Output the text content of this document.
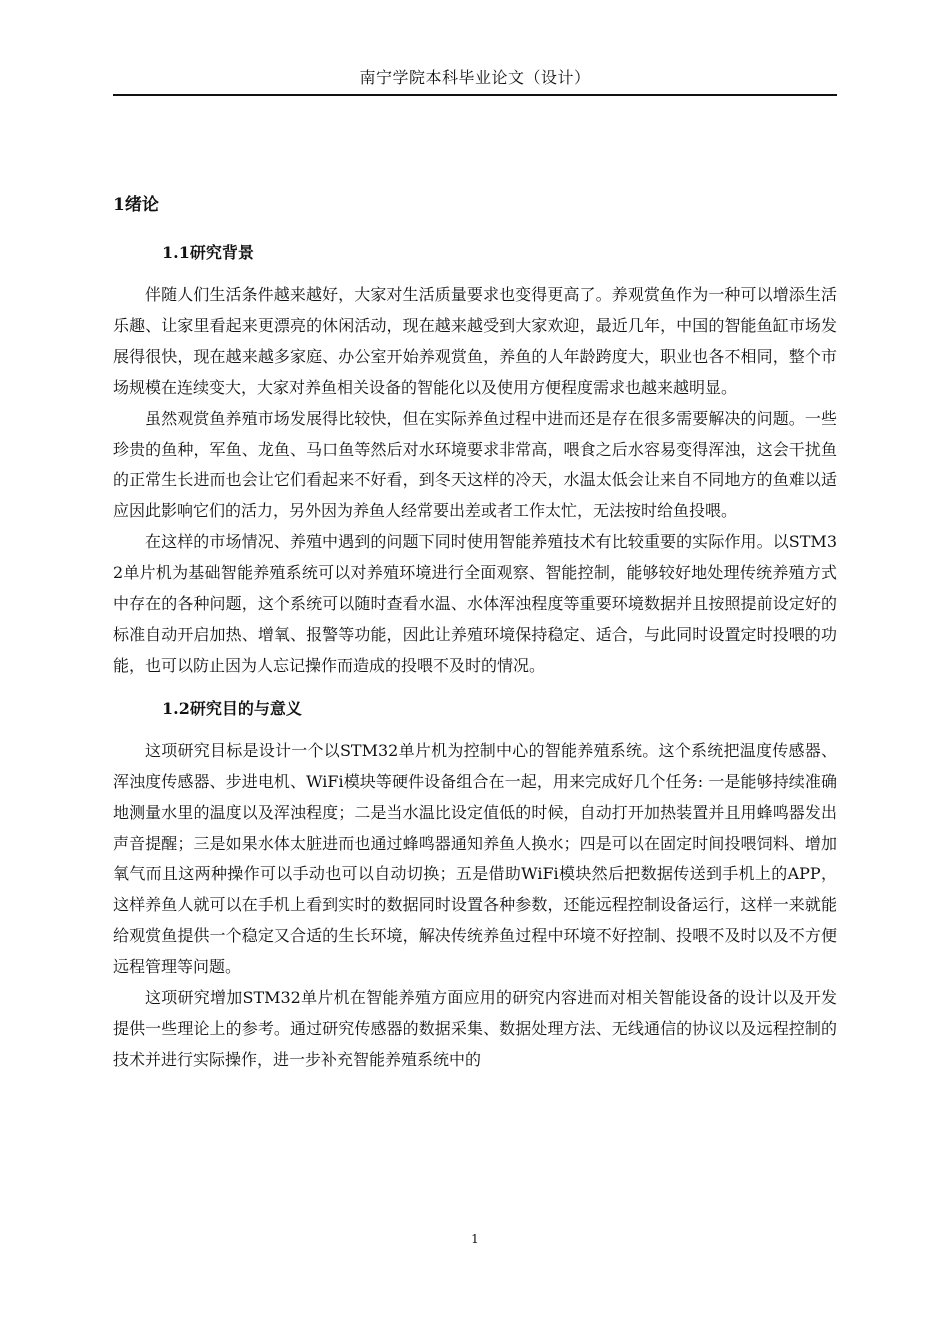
南宁学院本科毕业论文（设计）
1绪论
1.1研究背景

伴随人们生活条件越来越好，大家对生活质量要求也变得更高了。养观赏鱼作为一种可以增添生活乐趣、让家里看起来更漂亮的休闲活动，现在越来越受到大家欢迎，最近几年，中国的智能鱼缸市场发展得很快，现在越来越多家庭、办公室开始养观赏鱼，养鱼的人年龄跨度大，职业也各不相同，整个市场规模在连续变大，大家对养鱼相关设备的智能化以及使用方便程度需求也越来越明显。

虽然观赏鱼养殖市场发展得比较快，但在实际养鱼过程中进而还是存在很多需要解决的问题。一些珍贵的鱼种，军鱼、龙鱼、马口鱼等然后对水环境要求非常高，喂食之后水容易变得浑浊，这会干扰鱼的正常生长进而也会让它们看起来不好看，到冬天这样的冷天，水温太低会让来自不同地方的鱼难以适应因此影响它们的活力，另外因为养鱼人经常要出差或者工作太忙，无法按时给鱼投喂。

在这样的市场情况、养殖中遇到的问题下同时使用智能养殖技术有比较重要的实际作用。以STM32单片机为基础智能养殖系统可以对养殖环境进行全面观察、智能控制，能够较好地处理传统养殖方式中存在的各种问题，这个系统可以随时查看水温、水体浑浊程度等重要环境数据并且按照提前设定好的标准自动开启加热、增氧、报警等功能，因此让养殖环境保持稳定、适合，与此同时设置定时投喂的功能，也可以防止因为人忘记操作而造成的投喂不及时的情况。

1.2研究目的与意义

这项研究目标是设计一个以STM32单片机为控制中心的智能养殖系统。这个系统把温度传感器、浑浊度传感器、步进电机、WiFi模块等硬件设备组合在一起，用来完成好几个任务: 一是能够持续准确地测量水里的温度以及浑浊程度；二是当水温比设定值低的时候，自动打开加热装置并且用蜂鸣器发出声音提醒；三是如果水体太脏进而也通过蜂鸣器通知养鱼人换水；四是可以在固定时间投喂饲料、增加氧气而且这两种操作可以手动也可以自动切换；五是借助WiFi模块然后把数据传送到手机上的APP，这样养鱼人就可以在手机上看到实时的数据同时设置各种参数，还能远程控制设备运行，这样一来就能给观赏鱼提供一个稳定又合适的生长环境，解决传统养鱼过程中环境不好控制、投喂不及时以及不方便远程管理等问题。

这项研究增加STM32单片机在智能养殖方面应用的研究内容进而对相关智能设备的设计以及开发提供一些理论上的参考。通过研究传感器的数据采集、数据处理方法、无线通信的协议以及远程控制的技术并进行实际操作，进一步补充智能养殖系统中的

1
